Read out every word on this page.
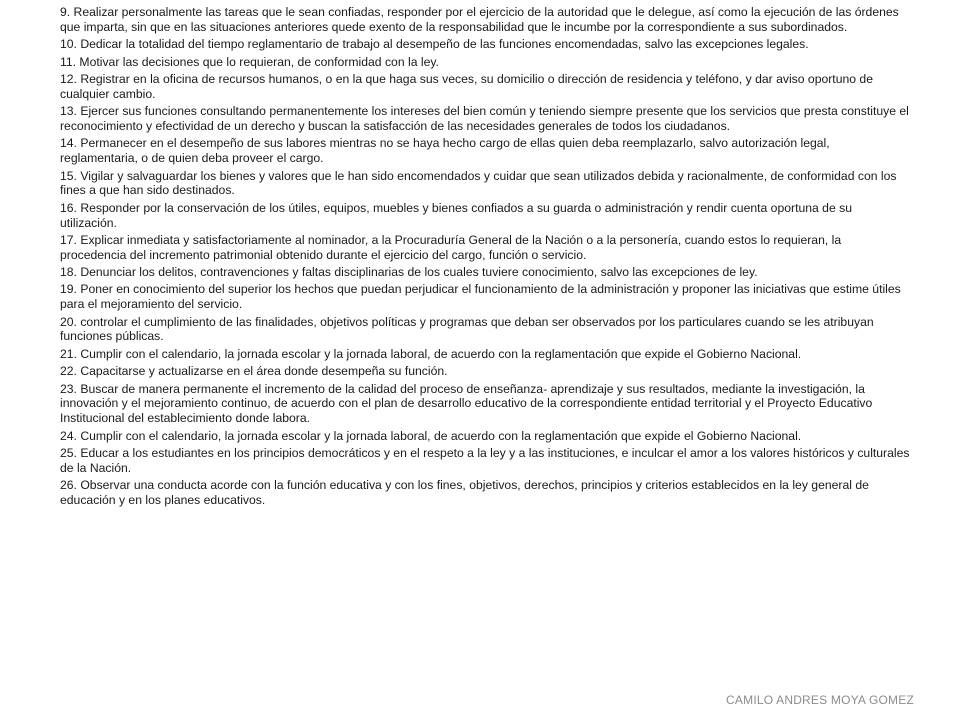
9. Realizar personalmente las tareas que le sean confiadas, responder por el ejercicio de la autoridad que le delegue, así como la ejecución de las órdenes que imparta, sin que en las situaciones anteriores quede exento de la responsabilidad que le incumbe por la correspondiente a sus subordinados.
10. Dedicar la totalidad del tiempo reglamentario de trabajo al desempeño de las funciones encomendadas, salvo las excepciones legales.
11. Motivar las decisiones que lo requieran, de conformidad con la ley.
12. Registrar en la oficina de recursos humanos, o en la que haga sus veces, su domicilio o dirección de residencia y teléfono, y dar aviso oportuno de cualquier cambio.
13. Ejercer sus funciones consultando permanentemente los intereses del bien común y teniendo siempre presente que los servicios que presta constituye el reconocimiento y efectividad de un derecho y buscan la satisfacción de las necesidades generales de todos los ciudadanos.
14. Permanecer en el desempeño de sus labores mientras no se haya hecho cargo de ellas quien deba reemplazarlo, salvo autorización legal, reglamentaria, o de quien deba proveer el cargo.
15. Vigilar y salvaguardar los bienes y valores que le han sido encomendados y cuidar que sean utilizados debida y racionalmente, de conformidad con los fines a que han sido destinados.
16. Responder por la conservación de los útiles, equipos, muebles y bienes confiados a su guarda o administración y rendir cuenta oportuna de su utilización.
17. Explicar inmediata y satisfactoriamente al nominador, a la Procuraduría General de la Nación o a la personería, cuando estos lo requieran, la procedencia del incremento patrimonial obtenido durante el ejercicio del cargo, función o servicio.
18. Denunciar los delitos, contravenciones y faltas disciplinarias de los cuales tuviere conocimiento, salvo las excepciones de ley.
19. Poner en conocimiento del superior los hechos que puedan perjudicar el funcionamiento de la administración y proponer las iniciativas que estime útiles para el mejoramiento del servicio.
20. controlar el cumplimiento de las finalidades, objetivos políticas y programas que deban ser observados por los particulares cuando se les atribuyan funciones públicas.
21. Cumplir con el calendario, la jornada escolar y la jornada laboral, de acuerdo con la reglamentación que expide el Gobierno Nacional.
22. Capacitarse y actualizarse en el área donde desempeña su función.
23. Buscar de manera permanente el incremento de la calidad del proceso de enseñanza- aprendizaje y sus resultados, mediante la investigación, la innovación y el mejoramiento continuo, de acuerdo con el plan de desarrollo educativo de la correspondiente entidad territorial y el Proyecto Educativo Institucional del establecimiento donde labora.
24. Cumplir con el calendario, la jornada escolar y la jornada laboral, de acuerdo con la reglamentación que expide el Gobierno Nacional.
25. Educar a los estudiantes en los principios democráticos y en el respeto a la ley y a las instituciones, e inculcar el amor a los valores históricos y culturales de la Nación.
26. Observar una conducta acorde con la función educativa y con los fines, objetivos, derechos, principios y criterios establecidos en la ley general de educación y en los planes educativos.
CAMILO ANDRES MOYA GOMEZ
